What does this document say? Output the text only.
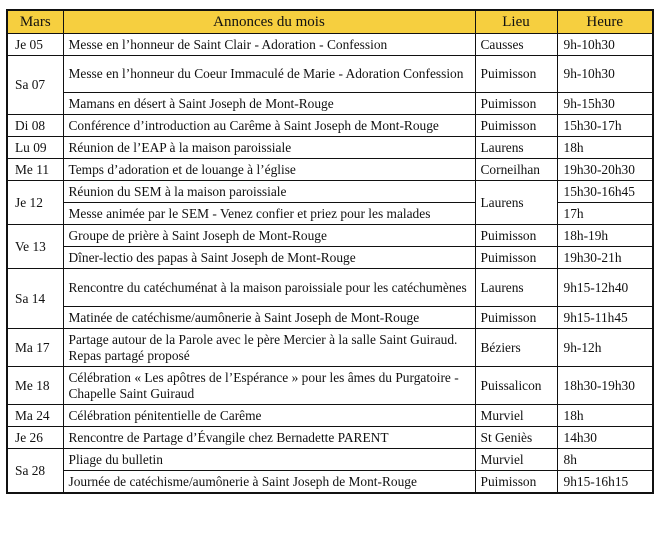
Mars	Annonces du mois	Lieu	Heure
Je 05	Messe en l’honneur de Saint Clair - Adoration - Confession	Causses	9h-10h30
Sa 07	Messe en l’honneur du Coeur Immaculé de Marie - Adoration Confession	Puimisson	9h-10h30
	Mamans en désert à Saint Joseph de Mont-Rouge	Puimisson	9h-15h30
Di 08	Conférence d’introduction au Carême à Saint Joseph de Mont-Rouge	Puimisson	15h30-17h
Lu 09	Réunion de l’EAP à la maison paroissiale	Laurens	18h
Me 11	Temps d’adoration et de louange à l’église	Corneilhan	19h30-20h30
Je 12	Réunion du SEM à la maison paroissiale	Laurens	15h30-16h45
	Messe animée par le SEM - Venez confier et priez pour les malades		17h
Ve 13	Groupe de prière à Saint Joseph de Mont-Rouge	Puimisson	18h-19h
	Dîner-lectio des papas à Saint Joseph de Mont-Rouge	Puimisson	19h30-21h
Sa 14	Rencontre du catéchuménat à la maison paroissiale pour les catéchumènes	Laurens	9h15-12h40
	Matinée de catéchisme/aumônerie à Saint Joseph de Mont-Rouge	Puimisson	9h15-11h45
Ma 17	Partage autour de la Parole avec le père Mercier à la salle Saint Guiraud. Repas partagé proposé	Béziers	9h-12h
Me 18	Célébration « Les apôtres de l’Espérance » pour les âmes du Purgatoire - Chapelle Saint Guiraud	Puissalicon	18h30-19h30
Ma 24	Célébration pénitentielle de Carême	Murviel	18h
Je 26	Rencontre de Partage d’Évangile chez Bernadette PARENT	St Geniès	14h30
Sa 28	Pliage du bulletin	Murviel	8h
	Journée de catéchisme/aumônerie à Saint Joseph de Mont-Rouge	Puimisson	9h15-16h15
